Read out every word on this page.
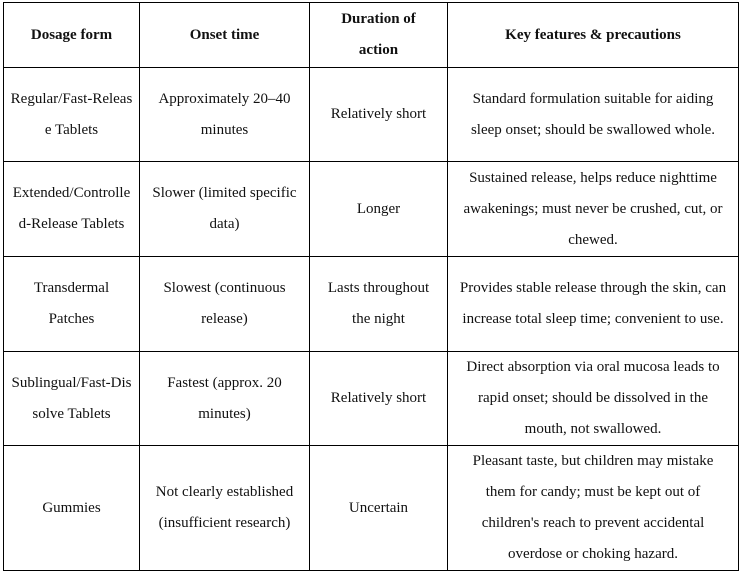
Dosage form	Onset time	Duration of action	Key features & precautions
Regular/Fast-Release Tablets	Approximately 20–40 minutes	Relatively short	Standard formulation suitable for aiding sleep onset; should be swallowed whole.
Extended/Controlled-Release Tablets	Slower (limited specific data)	Longer	Sustained release, helps reduce nighttime awakenings; must never be crushed, cut, or chewed.
Transdermal Patches	Slowest (continuous release)	Lasts throughout the night	Provides stable release through the skin, can increase total sleep time; convenient to use.
Sublingual/Fast-Dissolve Tablets	Fastest (approx. 20 minutes)	Relatively short	Direct absorption via oral mucosa leads to rapid onset; should be dissolved in the mouth, not swallowed.
Gummies	Not clearly established (insufficient research)	Uncertain	Pleasant taste, but children may mistake them for candy; must be kept out of children's reach to prevent accidental overdose or choking hazard.
